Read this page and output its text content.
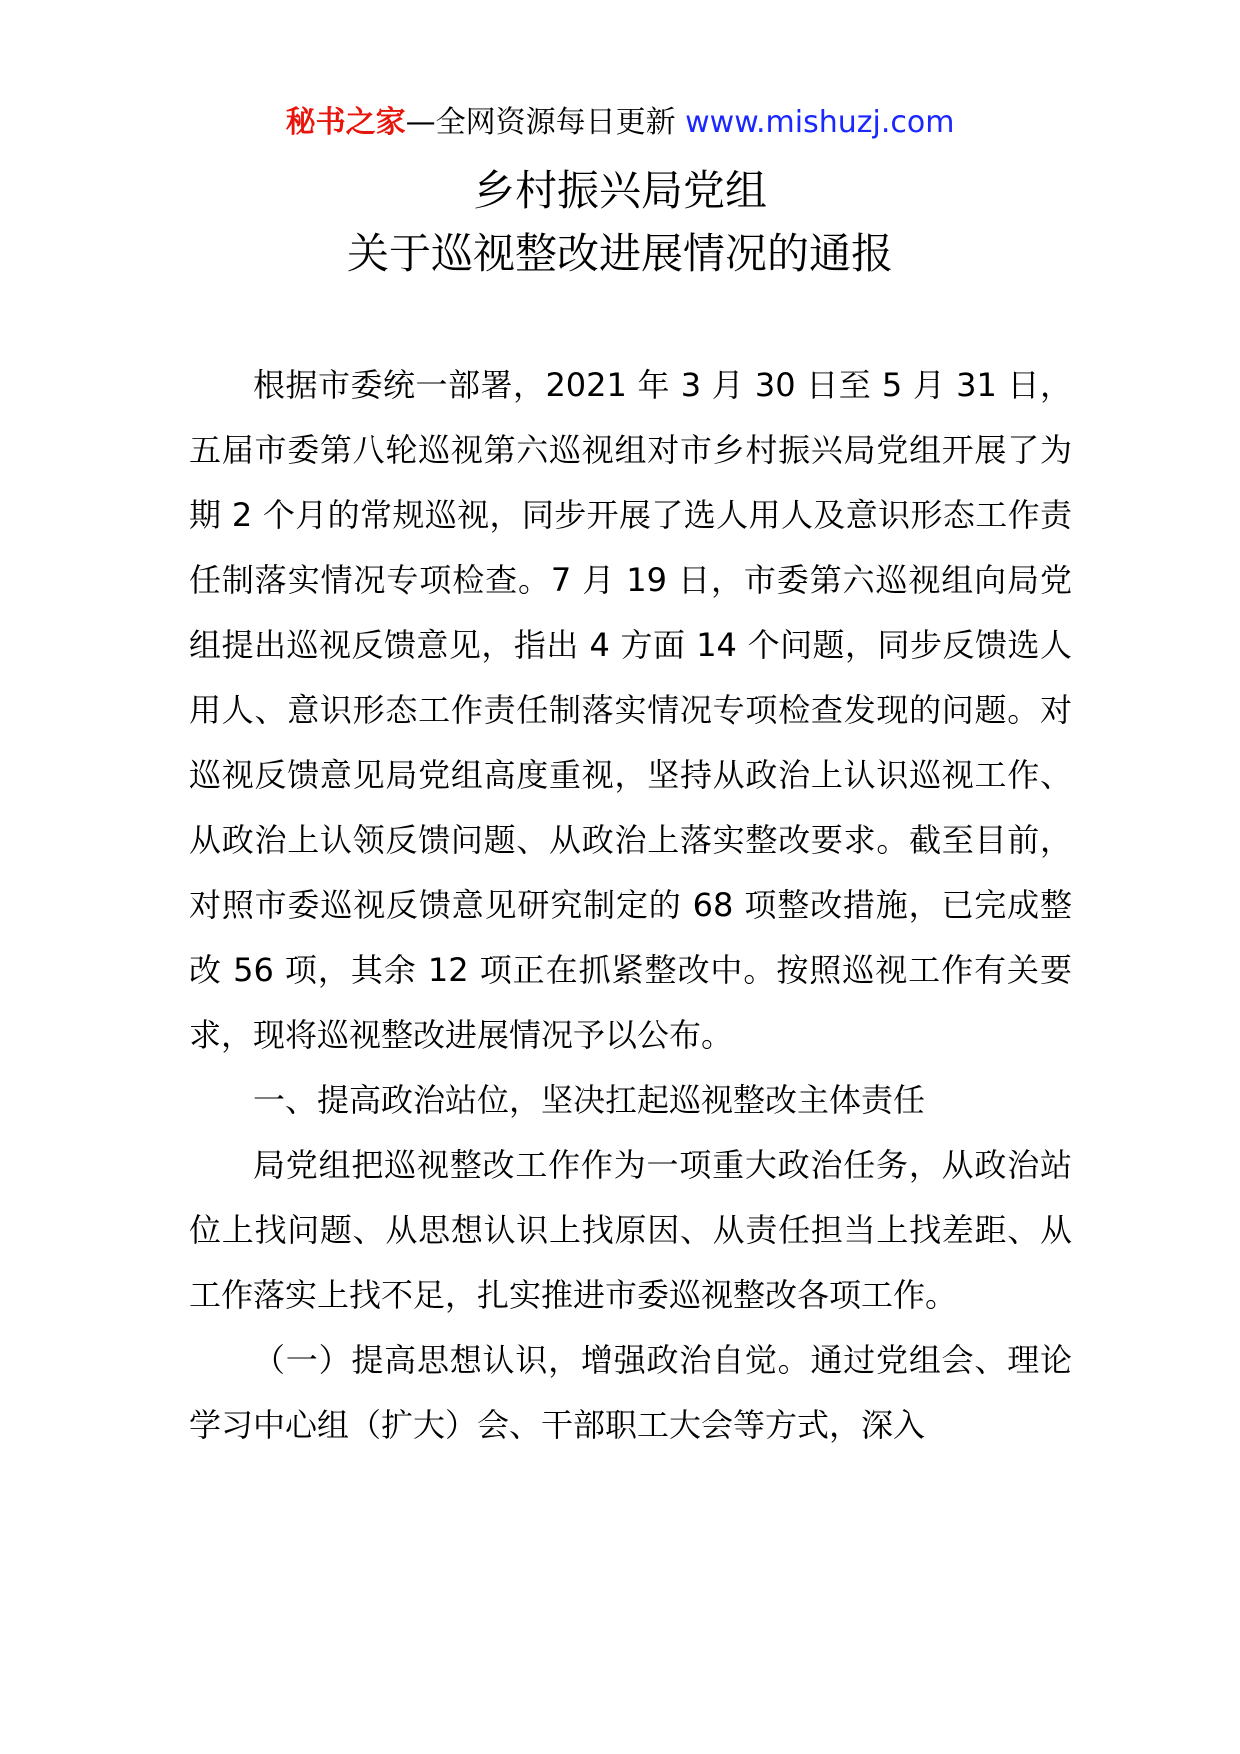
秘书之家—全网资源每日更新 www.mishuzj.com
乡村振兴局党组
关于巡视整改进展情况的通报

根据市委统一部署，2021 年 3 月 30 日至 5 月 31 日，五届市委第八轮巡视第六巡视组对市乡村振兴局党组开展了为期 2 个月的常规巡视，同步开展了选人用人及意识形态工作责任制落实情况专项检查。7 月 19 日，市委第六巡视组向局党组提出巡视反馈意见，指出 4 方面 14 个问题，同步反馈选人用人、意识形态工作责任制落实情况专项检查发现的问题。对巡视反馈意见局党组高度重视，坚持从政治上认识巡视工作、从政治上认领反馈问题、从政治上落实整改要求。截至目前，对照市委巡视反馈意见研究制定的 68 项整改措施，已完成整改 56 项，其余 12 项正在抓紧整改中。按照巡视工作有关要求，现将巡视整改进展情况予以公布。

一、提高政治站位，坚决扛起巡视整改主体责任

局党组把巡视整改工作作为一项重大政治任务，从政治站位上找问题、从思想认识上找原因、从责任担当上找差距、从工作落实上找不足，扎实推进市委巡视整改各项工作。

（一）提高思想认识，增强政治自觉。通过党组会、理论学习中心组（扩大）会、干部职工大会等方式，深入
